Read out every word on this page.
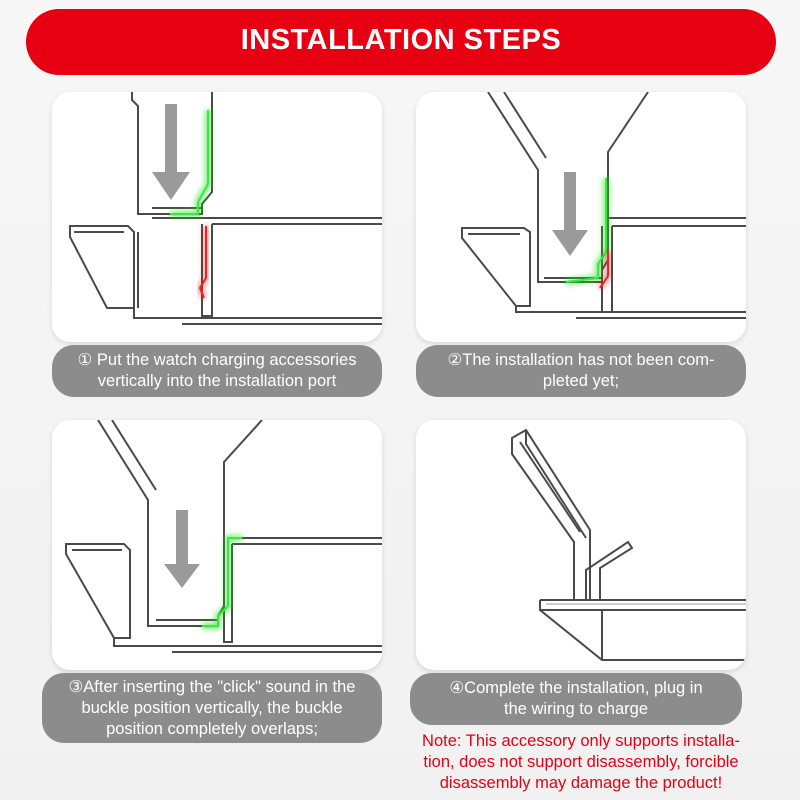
INSTALLATION STEPS
① Put the watch charging accessories
vertically into the installation port
②The installation has not been com-
pleted yet;
③After inserting the "click" sound in the
buckle position vertically, the buckle
position completely overlaps;
④Complete the installation, plug in
the wiring to charge
Note: This accessory only supports installa-
tion, does not support disassembly, forcible
disassembly may damage the product!
